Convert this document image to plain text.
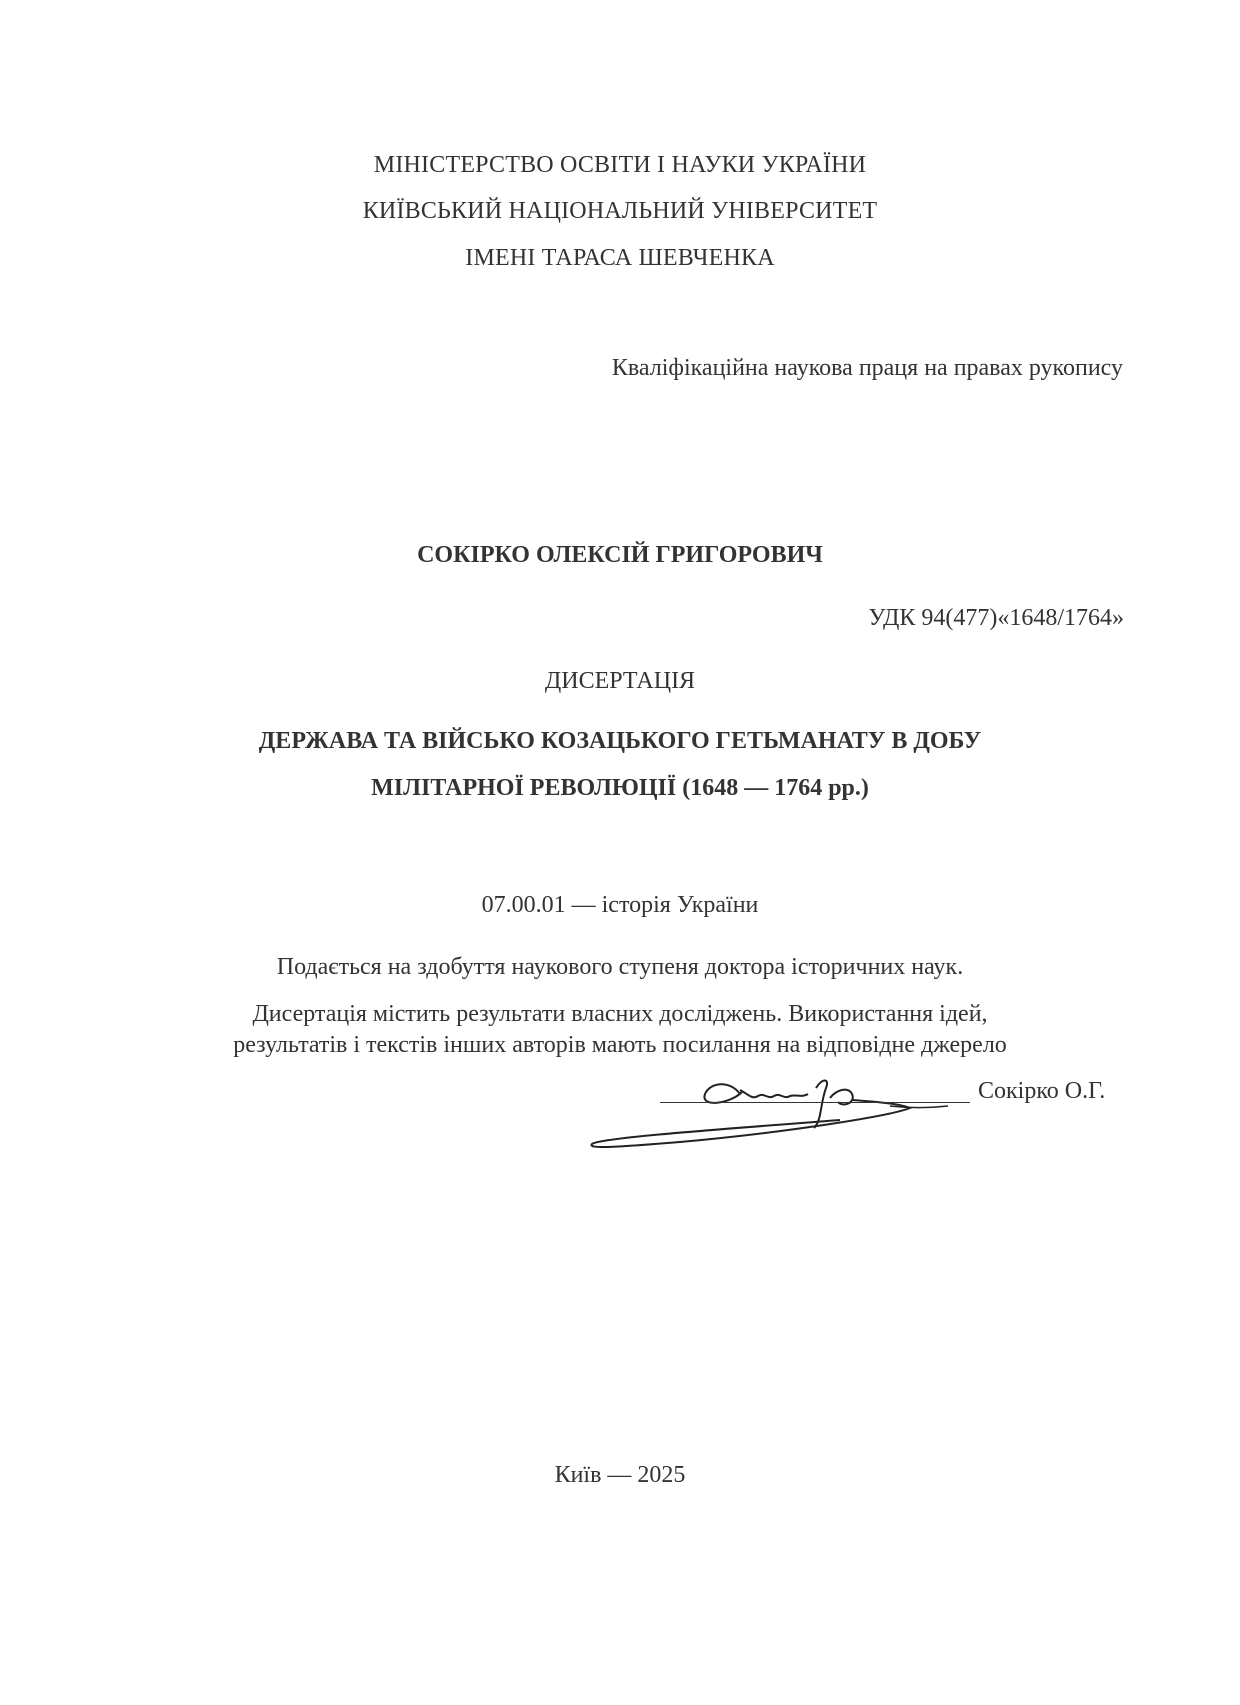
МІНІСТЕРСТВО ОСВІТИ І НАУКИ УКРАЇНИ
КИЇВСЬКИЙ НАЦІОНАЛЬНИЙ УНІВЕРСИТЕТ
ІМЕНІ ТАРАСА ШЕВЧЕНКА
Кваліфікаційна наукова праця на правах рукопису
СОКІРКО ОЛЕКСІЙ ГРИГОРОВИЧ
УДК 94(477)«1648/1764»
ДИСЕРТАЦІЯ
ДЕРЖАВА ТА ВІЙСЬКО КОЗАЦЬКОГО ГЕТЬМАНАТУ В ДОБУ
МІЛІТАРНОЇ РЕВОЛЮЦІЇ (1648 — 1764 рр.)
07.00.01 — історія України
Подається на здобуття наукового ступеня доктора історичних наук.
Дисертація містить результати власних досліджень. Використання ідей,
результатів і текстів інших авторів мають посилання на відповідне джерело
Сокірко О.Г.
Київ — 2025
